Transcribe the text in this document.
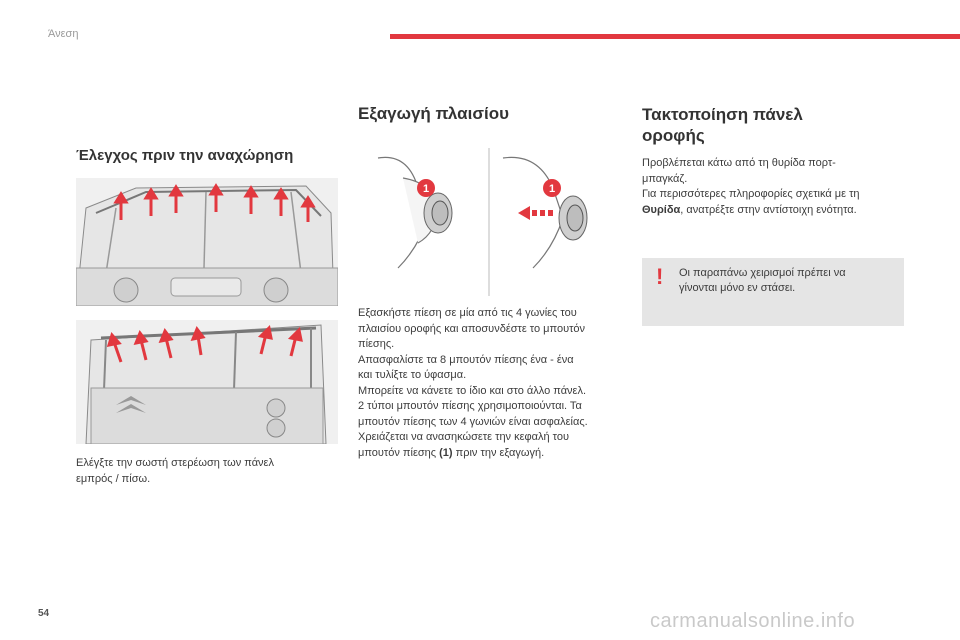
Άνεση
Έλεγχος πριν την αναχώρηση

Ελέγξτε την σωστή στερέωση των πάνελ

εμπρός / πίσω.

Εξαγωγή πλαισίου
1	1

Εξασκήστε πίεση σε μία από τις 4 γωνίες του

πλαισίου οροφής και αποσυνδέστε το μπουτόν

πίεσης.

Απασφαλίστε τα 8 μπουτόν πίεσης ένα - ένα

και τυλίξτε το ύφασμα.

Μπορείτε να κάνετε το ίδιο και στο άλλο πάνελ.

2 τύποι μπουτόν πίεσης χρησιμοποιούνται. Τα

μπουτόν πίεσης των 4 γωνιών είναι ασφαλείας.

Χρειάζεται να ανασηκώσετε την κεφαλή του

μπουτόν πίεσης (1) πριν την εξαγωγή.

Τακτοποίηση πάνελ
οροφής

Προβλέπεται κάτω από τη θυρίδα πορτ-

μπαγκάζ.

Για περισσότερες πληροφορίες σχετικά με τη

Θυρίδα, ανατρέξτε στην αντίστοιχη ενότητα.

! Οι παραπάνω χειρισμοί πρέπει να
γίνονται μόνο εν στάσει.
54	carmanualsonline.info
